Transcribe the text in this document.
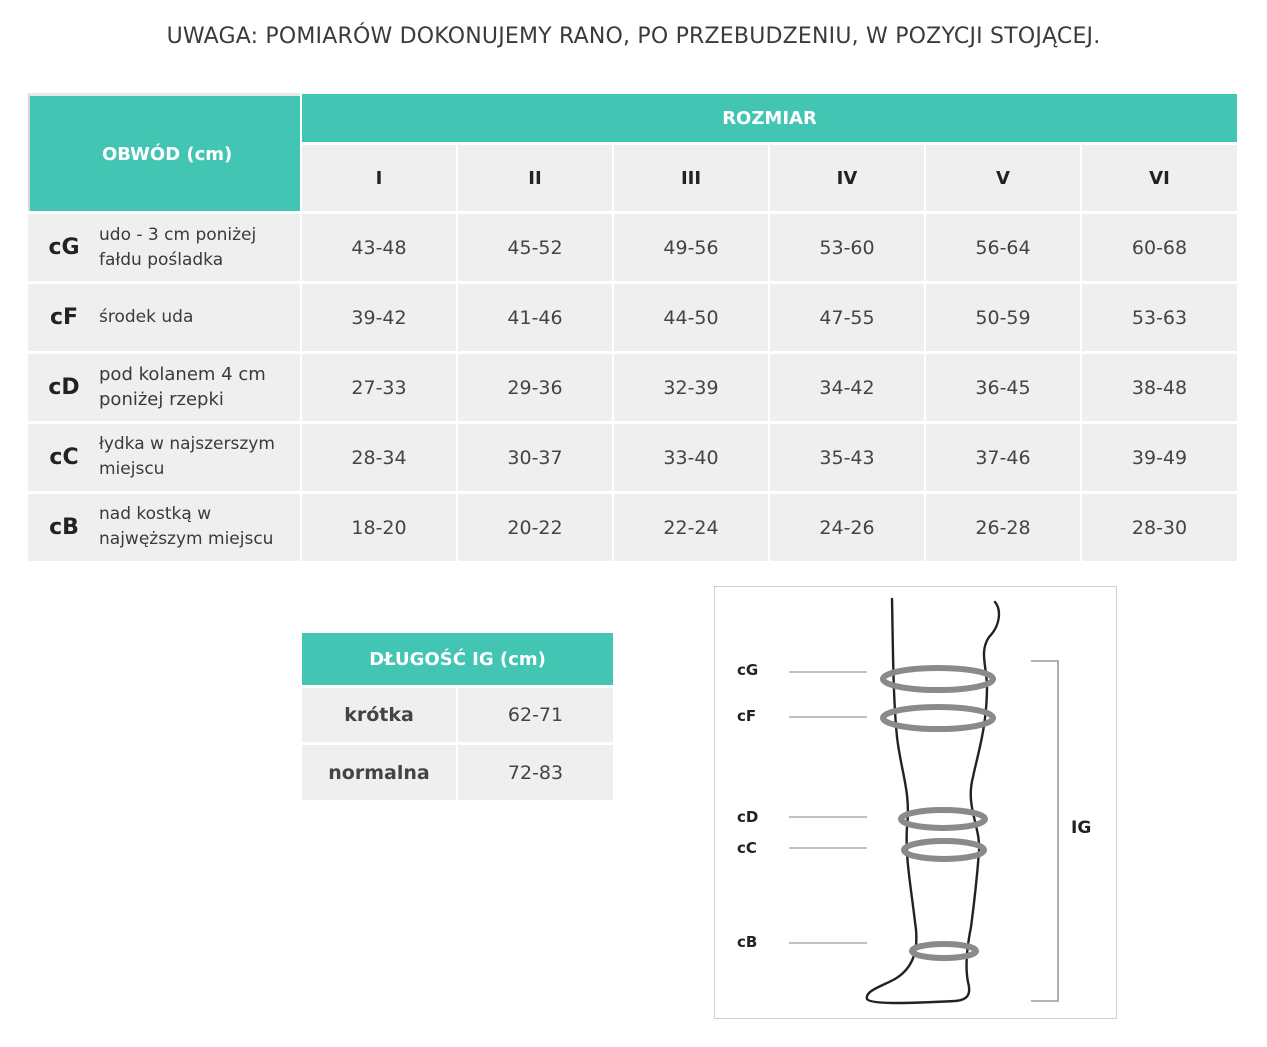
UWAGA: POMIARÓW DOKONUJEMY RANO, PO PRZEBUDZENIU, W POZYCJI STOJĄCEJ.
OBWÓD (cm)
ROZMIAR
I	II	III	IV	V	VI
cG udo - 3 cm poniżej
fałdu pośladka
43-48	45-52	49-56	53-60	56-64	60-68
cF	środek uda	39-42	41-46	44-50	47-55	50-59	53-63
cD
pod kolanem 4 cm
poniżej rzepki
27-33	29-36	32-39	34-42	36-45	38-48
cC
łydka w najszerszym
miejscu
28-34	30-37	33-40	35-43	37-46	39-49
cB
nad kostką w
najwęższym miejscu
18-20	20-22	22-24	24-26	26-28	28-30
DŁUGOŚĆ IG (cm)
krótka	62-71
normalna	72-83
cG
cF
cD
cC
cB
IG
